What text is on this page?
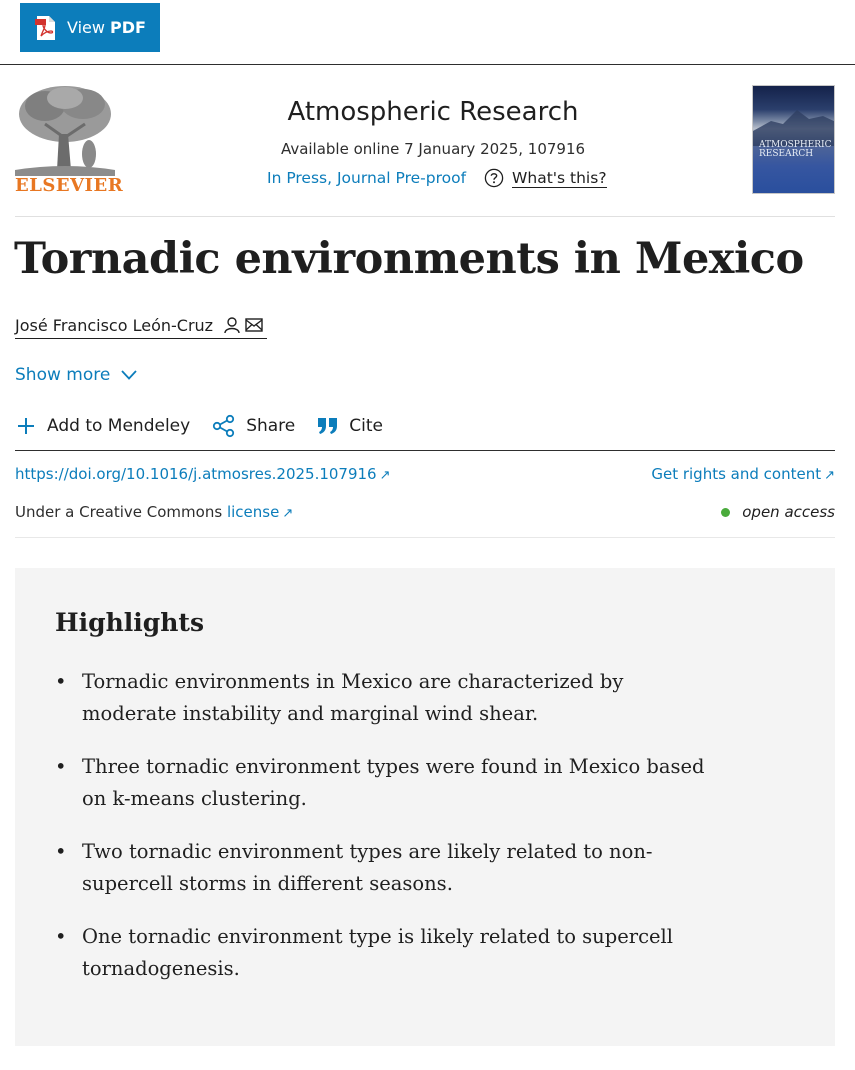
View PDF
ELSEVIER
Atmospheric Research
Available online 7 January 2025, 107916
In Press, Journal Pre-proof	What's this?
ATMOSPHERIC RESEARCH
Tornadic environments in Mexico
José Francisco León-Cruz
Show more
Add to Mendeley	Share	Cite
https://doi.org/10.1016/j.atmosres.2025.107916 ↗	Get rights and content ↗
Under a Creative Commons license ↗	open access
Highlights
• Tornadic environments in Mexico are characterized by moderate instability and marginal wind shear.
• Three tornadic environment types were found in Mexico based on k-means clustering.
• Two tornadic environment types are likely related to non-supercell storms in different seasons.
• One tornadic environment type is likely related to supercell tornadogenesis.
